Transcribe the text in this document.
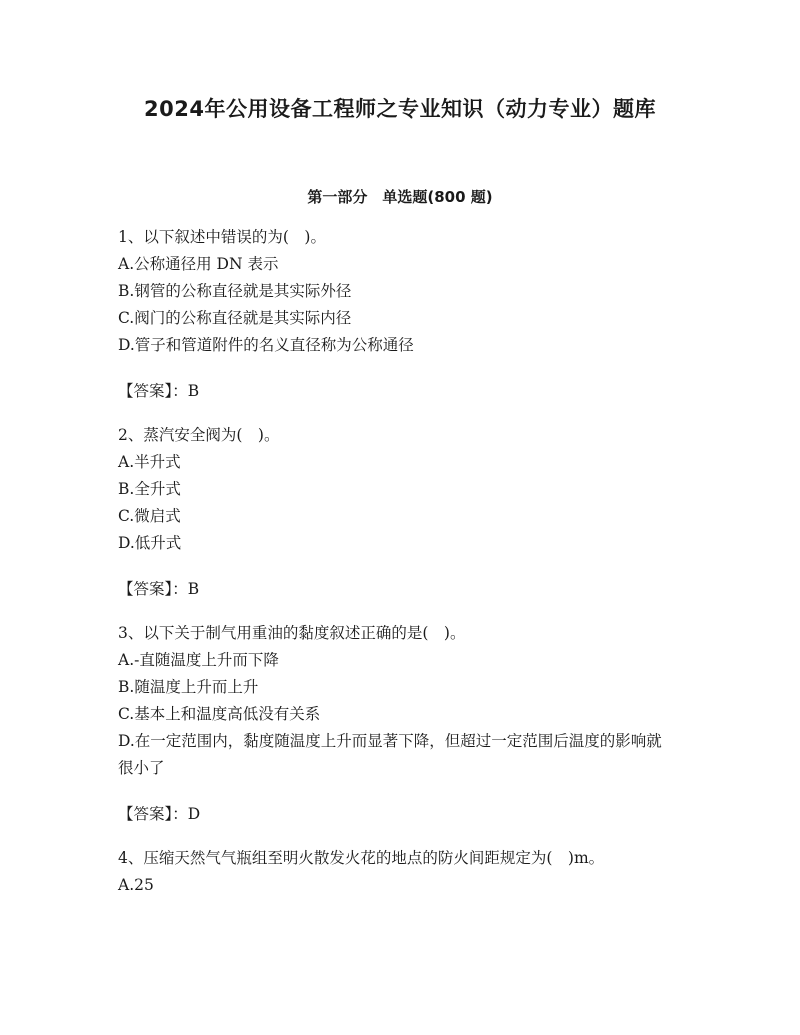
2024年公用设备工程师之专业知识（动力专业）题库
第一部分　单选题(800 题)
1、以下叙述中错误的为(　)。
A.公称通径用 DN 表示
B.钢管的公称直径就是其实际外径
C.阀门的公称直径就是其实际内径
D.管子和管道附件的名义直径称为公称通径
【答案】：B
2、蒸汽安全阀为(　)。
A.半升式
B.全升式
C.微启式
D.低升式
【答案】：B
3、以下关于制气用重油的黏度叙述正确的是(　)。
A.-直随温度上升而下降
B.随温度上升而上升
C.基本上和温度高低没有关系
D.在一定范围内，黏度随温度上升而显著下降，但超过一定范围后温度的影响就很小了
【答案】：D
4、压缩天然气气瓶组至明火散发火花的地点的防火间距规定为(　)m。
A.25
